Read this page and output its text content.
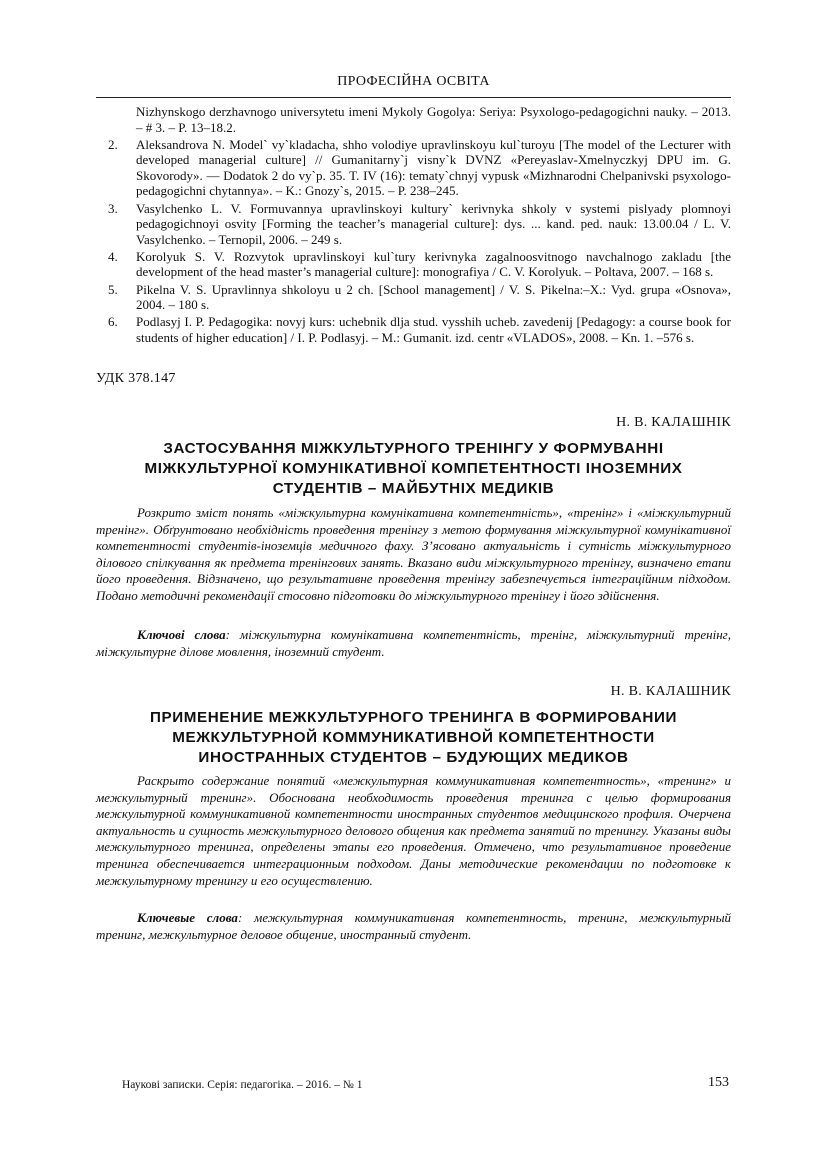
ПРОФЕСІЙНА ОСВІТА
Nizhynskogo derzhavnogo universytetu imeni Mykoly Gogolya: Seriya: Psyxologo-pedagogichni nauky. – 2013. – # 3. – P. 13–18.2.
2. Aleksandrova N. Model` vy`kladacha, shho volodiye upravlinskoyu kul`turoyu [The model of the Lecturer with developed managerial culture] // Gumanitarny`j visny`k DVNZ «Pereyaslav-Xmelnyczkyj DPU im. G. Skovorody». — Dodatok 2 do vy`p. 35. T. IV (16): tematy`chnyj vypusk «Mizhnarodni Chelpanivski psyxologo-pedagogichni chytannya». – K.: Gnozy`s, 2015. – P. 238–245.
3. Vasylchenko L. V. Formuvannya upravlinskoyi kultury` kerivnyka shkoly v systemi pislyady plomnoyi pedagogichnoyi osvity [Forming the teacher’s managerial culture]: dys. ... kand. ped. nauk: 13.00.04 / L. V. Vasylchenko. – Ternopil, 2006. – 249 s.
4. Korolyuk S. V. Rozvytok upravlinskoyi kul`tury kerivnyka zagalnoosvitnogo navchalnogo zakladu [the development of the head master’s managerial culture]: monografiya / C. V. Korolyuk. – Poltava, 2007. – 168 s.
5. Pikelna V. S. Upravlinnya shkoloyu u 2 ch. [School management] / V. S. Pikelna:–X.: Vyd. grupa «Osnova», 2004. – 180 s.
6. Podlasyj I. P. Pedagogika: novyj kurs: uchebnik dlja stud. vysshih ucheb. zavedenij [Pedagogy: a course book for students of higher education] / I. P. Podlasyj. – M.: Gumanit. izd. centr «VLADOS», 2008. – Kn. 1. –576 s.
УДК 378.147
Н. В. КАЛАШНІК
ЗАСТОСУВАННЯ МІЖКУЛЬТУРНОГО ТРЕНІНГУ У ФОРМУВАННІ
МІЖКУЛЬТУРНОЇ КОМУНІКАТИВНОЇ КОМПЕТЕНТНОСТІ ІНОЗЕМНИХ
СТУДЕНТІВ – МАЙБУТНІХ МЕДИКІВ

Розкрито зміст понять «міжкультурна комунікативна компетентність», «тренінг» і «міжкультурний тренінг». Обґрунтовано необхідність проведення тренінгу з метою формування міжкультурної комунікативної компетентності студентів-іноземців медичного фаху. З’ясовано актуальність і сутність міжкультурного ділового спілкування як предмета тренінгових занять. Вказано види міжкультурного тренінгу, визначено етапи його проведення. Відзначено, що результативне проведення тренінгу забезпечується інтеграційним підходом. Подано методичні рекомендації стосовно підготовки до міжкультурного тренінгу і його здійснення.

Ключові слова: міжкультурна комунікативна компетентність, тренінг, міжкультурний тренінг, міжкультурне ділове мовлення, іноземний студент.
Н. В. КАЛАШНИК
ПРИМЕНЕНИЕ МЕЖКУЛЬТУРНОГО ТРЕНИНГА В ФОРМИРОВАНИИ
МЕЖКУЛЬТУРНОЙ КОММУНИКАТИВНОЙ КОМПЕТЕНТНОСТИ
ИНОСТРАННЫХ СТУДЕНТОВ – БУДУЮЩИХ МЕДИКОВ

Раскрыто содержание понятий «межкультурная коммуникативная компетентность», «тренинг» и межкультурный тренинг». Обоснована необходимость проведения тренинга с целью формирования межкультурной коммуникативной компетентности иностранных студентов медицинского профиля. Очерчена актуальность и сущность межкультурного делового общения как предмета занятий по тренингу. Указаны виды межкультурного тренинга, определены этапы его проведения. Отмечено, что результативное проведение тренинга обеспечивается интеграционным подходом. Даны методические рекомендации по подготовке к межкультурному тренингу и его осуществлению.

Ключевые слова: межкультурная коммуникативная компетентность, тренинг, межкультурный тренинг, межкультурное деловое общение, иностранный студент.
Наукові записки. Серія: педагогіка. – 2016. – № 1	153
